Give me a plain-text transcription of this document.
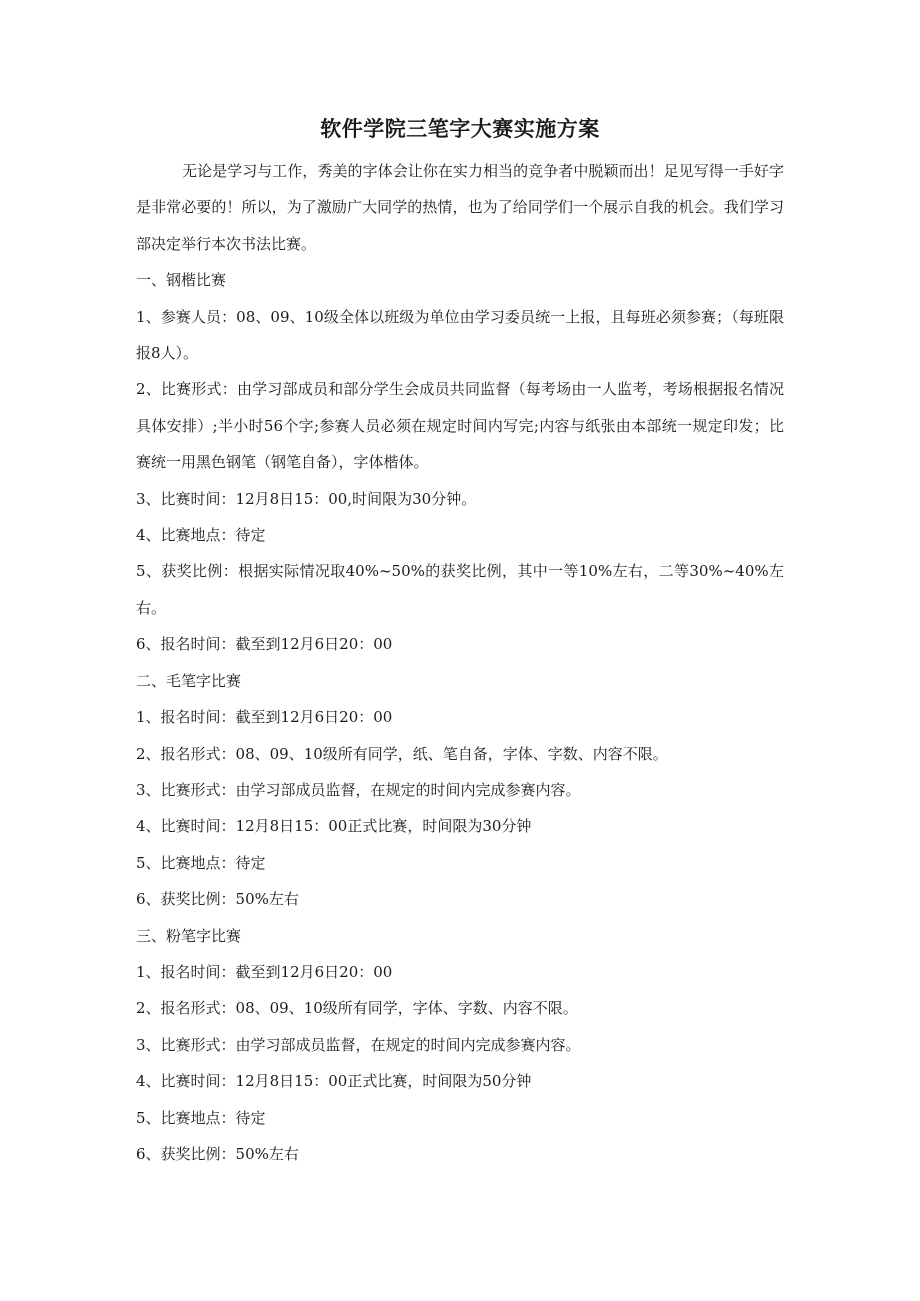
软件学院三笔字大赛实施方案

无论是学习与工作，秀美的字体会让你在实力相当的竞争者中脱颖而出！足见写得一手好字是非常必要的！所以，为了激励广大同学的热情，也为了给同学们一个展示自我的机会。我们学习部决定举行本次书法比赛。

一、钢楷比赛

1、参赛人员：08、09、10级全体以班级为单位由学习委员统一上报，且每班必须参赛；（每班限报8人）。

2、比赛形式：由学习部成员和部分学生会成员共同监督（每考场由一人监考，考场根据报名情况具体安排）;半小时56个字;参赛人员必须在规定时间内写完;内容与纸张由本部统一规定印发；比赛统一用黑色钢笔（钢笔自备），字体楷体。

3、比赛时间：12月8日15：00,时间限为30分钟。

4、比赛地点：待定

5、获奖比例：根据实际情况取40%~50%的获奖比例，其中一等10%左右，二等30%~40%左右。

6、报名时间：截至到12月6日20：00

二、毛笔字比赛

1、报名时间：截至到12月6日20：00

2、报名形式：08、09、10级所有同学，纸、笔自备，字体、字数、内容不限。

3、比赛形式：由学习部成员监督，在规定的时间内完成参赛内容。

4、比赛时间：12月8日15：00正式比赛，时间限为30分钟

5、比赛地点：待定

6、获奖比例：50%左右

三、粉笔字比赛

1、报名时间：截至到12月6日20：00

2、报名形式：08、09、10级所有同学，字体、字数、内容不限。

3、比赛形式：由学习部成员监督，在规定的时间内完成参赛内容。

4、比赛时间：12月8日15：00正式比赛，时间限为50分钟

5、比赛地点：待定

6、获奖比例：50%左右
